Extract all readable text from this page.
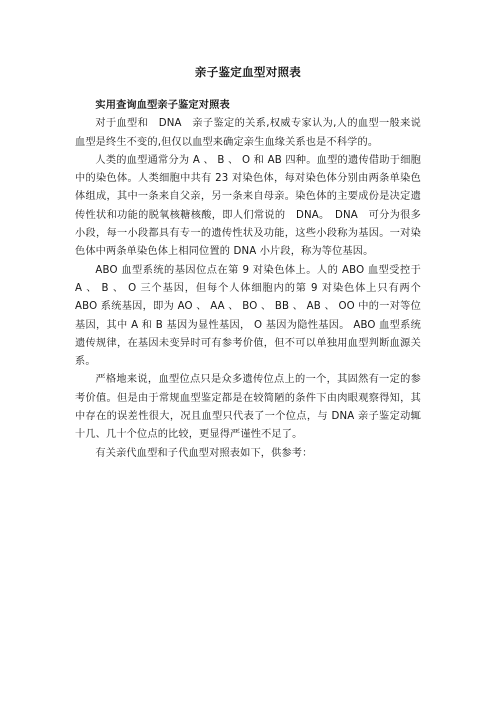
亲子鉴定血型对照表

实用查询血型亲子鉴定对照表

对于血型和　DNA　亲子鉴定的关系,权威专家认为,人的血型一般来说血型是终生不变的,但仅以血型来确定亲生血缘关系也是不科学的。

人类的血型通常分为 A 、 B 、 O 和 AB 四种。血型的遗传借助于细胞中的染色体。人类细胞中共有 23 对染色体，每对染色体分别由两条单染色体组成，其中一条来自父亲，另一条来自母亲。染色体的主要成份是决定遗传性状和功能的脱氧核糖核酸，即人们常说的　DNA。　DNA　可分为很多小段，每一小段都具有专一的遗传性状及功能，这些小段称为基因。一对染色体中两条单染色体上相同位置的 DNA 小片段，称为等位基因。

ABO 血型系统的基因位点在第 9 对染色体上。人的 ABO 血型受控于 A 、 B 、 O 三个基因，但每个人体细胞内的第 9 对染色体上只有两个 ABO 系统基因，即为 AO 、 AA 、 BO 、 BB 、 AB 、 OO 中的一对等位基因，其中 A 和 B 基因为显性基因， O 基因为隐性基因。 ABO 血型系统遗传规律，在基因未变异时可有参考价值，但不可以单独用血型判断血源关系。

严格地来说，血型位点只是众多遗传位点上的一个，其固然有一定的参考价值。但是由于常规血型鉴定都是在较简陋的条件下由肉眼观察得知，其中存在的误差性很大，况且血型只代表了一个位点，与 DNA 亲子鉴定动辄十几、几十个位点的比较，更显得严谨性不足了。

有关亲代血型和子代血型对照表如下，供参考：
